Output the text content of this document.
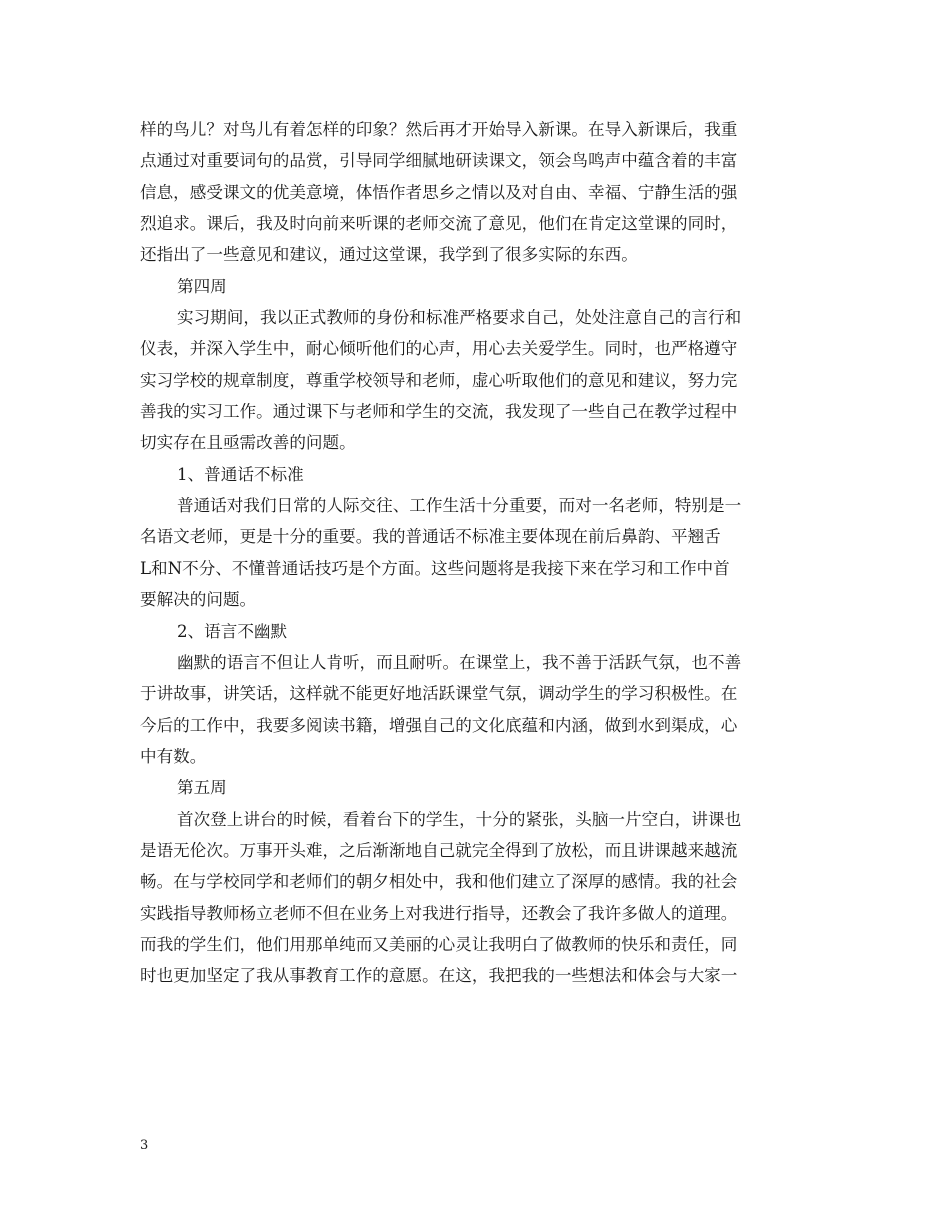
样的鸟儿？对鸟儿有着怎样的印象？然后再才开始导入新课。在导入新课后，我重
点通过对重要词句的品赏，引导同学细腻地研读课文，领会鸟鸣声中蕴含着的丰富
信息，感受课文的优美意境，体悟作者思乡之情以及对自由、幸福、宁静生活的强
烈追求。课后，我及时向前来听课的老师交流了意见，他们在肯定这堂课的同时，
还指出了一些意见和建议，通过这堂课，我学到了很多实际的东西。
第四周
实习期间，我以正式教师的身份和标准严格要求自己，处处注意自己的言行和
仪表，并深入学生中，耐心倾听他们的心声，用心去关爱学生。同时，也严格遵守
实习学校的规章制度，尊重学校领导和老师，虚心听取他们的意见和建议，努力完
善我的实习工作。通过课下与老师和学生的交流，我发现了一些自己在教学过程中
切实存在且亟需改善的问题。
1、普通话不标准
普通话对我们日常的人际交往、工作生活十分重要，而对一名老师，特别是一
名语文老师，更是十分的重要。我的普通话不标准主要体现在前后鼻韵、平翘舌
L和N不分、不懂普通话技巧是个方面。这些问题将是我接下来在学习和工作中首
要解决的问题。
2、语言不幽默
幽默的语言不但让人肯听，而且耐听。在课堂上，我不善于活跃气氛，也不善
于讲故事，讲笑话，这样就不能更好地活跃课堂气氛，调动学生的学习积极性。在
今后的工作中，我要多阅读书籍，增强自己的文化底蕴和内涵，做到水到渠成，心
中有数。
第五周
首次登上讲台的时候，看着台下的学生，十分的紧张，头脑一片空白，讲课也
是语无伦次。万事开头难，之后渐渐地自己就完全得到了放松，而且讲课越来越流
畅。在与学校同学和老师们的朝夕相处中，我和他们建立了深厚的感情。我的社会
实践指导教师杨立老师不但在业务上对我进行指导，还教会了我许多做人的道理。
而我的学生们，他们用那单纯而又美丽的心灵让我明白了做教师的快乐和责任，同
时也更加坚定了我从事教育工作的意愿。在这，我把我的一些想法和体会与大家一
3
